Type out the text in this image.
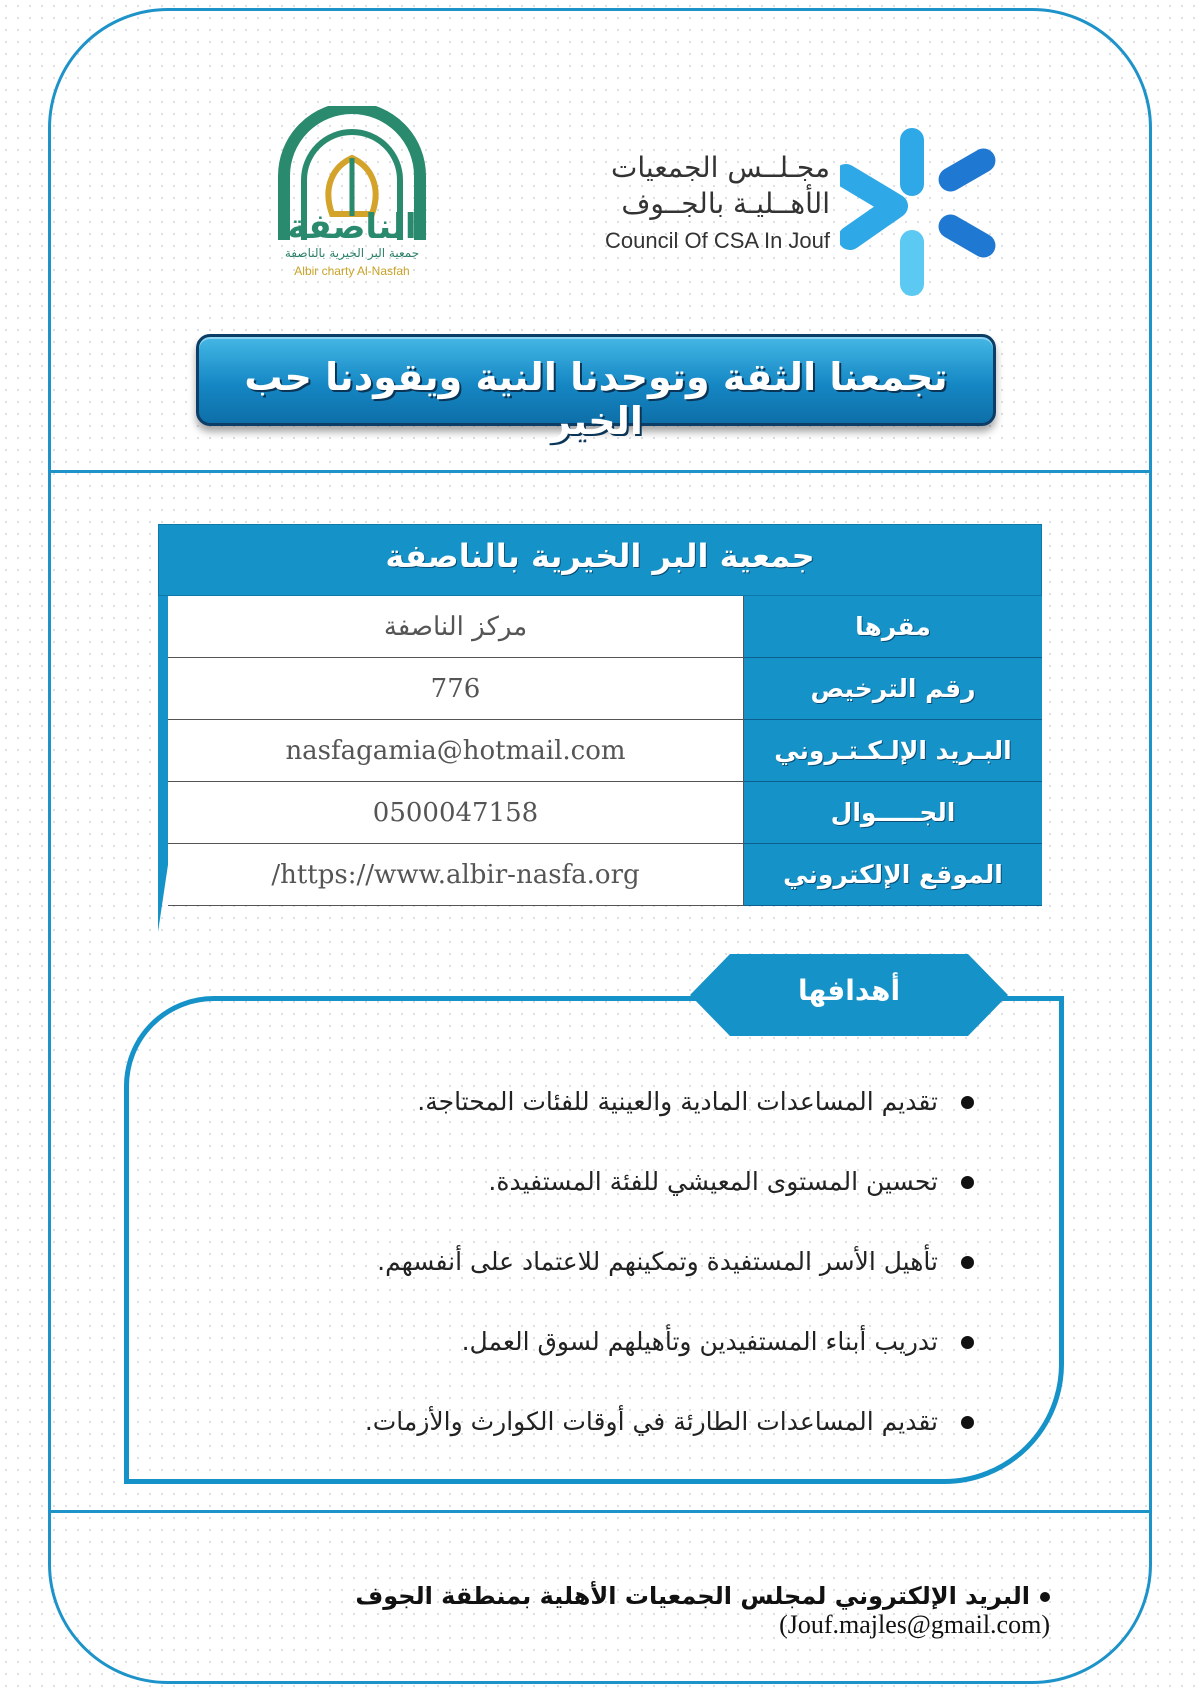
مجـلــس الجمعيات
الأهــليـة بالجــوف
Council Of CSA In Jouf
الناصفة
جمعية البر الخيرية بالناصفة
Albir charty Al-Nasfah
تجمعنا الثقة وتوحدنا النية ويقودنا حب الخير
جمعية البر الخيرية بالناصفة
مركز الناصفة	مقرها
776	رقم الترخيص
nasfagamia@hotmail.com	البـريد الإلـكـتـروني
0500047158	الجـــــوال
/https://www.albir-nasfa.org	الموقع الإلكتروني
أهدافها
تقديم المساعدات المادية والعينية للفئات المحتاجة.
تحسين المستوى المعيشي للفئة المستفيدة.
تأهيل الأسر المستفيدة وتمكينهم للاعتماد على أنفسهم.
تدريب أبناء المستفيدين وتأهيلهم لسوق العمل.
تقديم المساعدات الطارئة في أوقات الكوارث والأزمات.
البريد الإلكتروني لمجلس الجمعيات الأهلية بمنطقة الجوف (Jouf.majles@gmail.com)
